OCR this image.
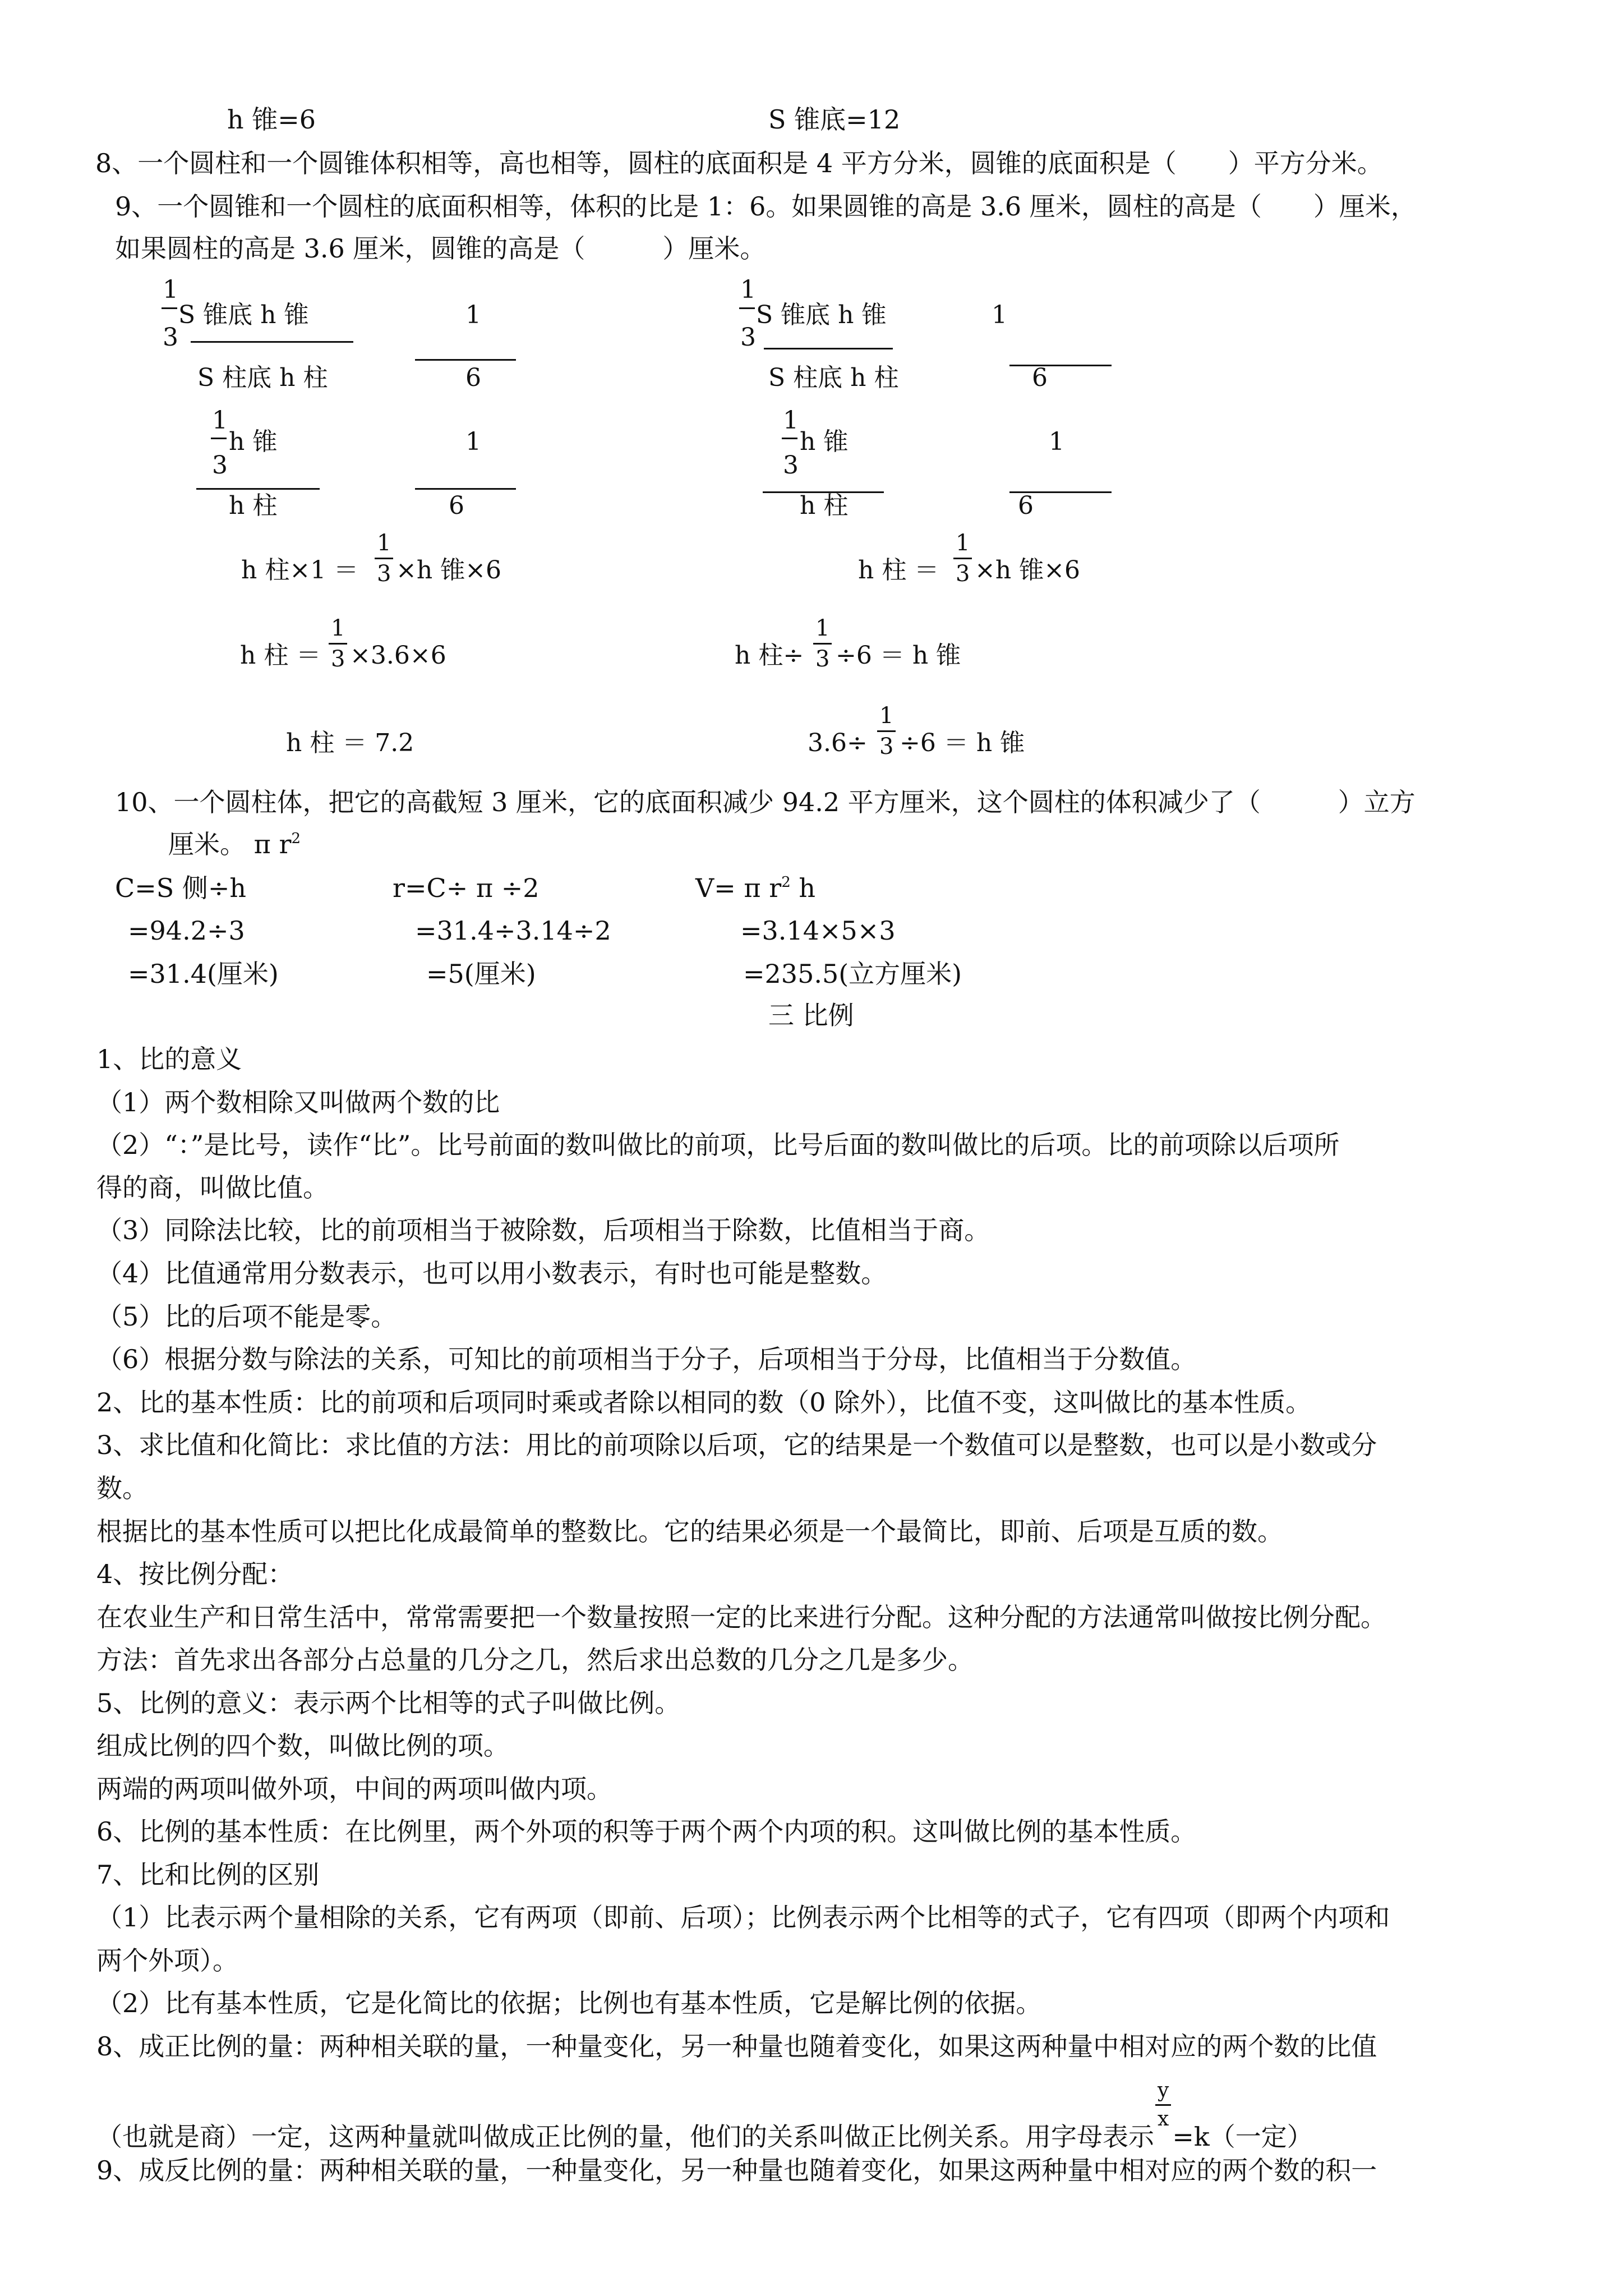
h 锥=6	S 锥底=12
8、一个圆柱和一个圆锥体积相等，高也相等，圆柱的底面积是 4 平方分米，圆锥的底面积是（　　）平方分米。
9、一个圆锥和一个圆柱的底面积相等，体积的比是 1：6。如果圆锥的高是 3.6 厘米，圆柱的高是（　　）厘米，
如果圆柱的高是 3.6 厘米，圆锥的高是（　　　）厘米。
1
3
S 锥底 h 锥
S 柱底 h 柱
1
6
1
3
h 锥
h 柱
1
6
h 柱×1 ＝
1
3 ×h 锥×6
h 柱 ＝
1
3 ×3.6×6
h 柱 ＝ 7.2
1
3
S 锥底 h 锥
S 柱底 h 柱
1
6
1
3
h 锥
h 柱
1
6
h 柱 ＝
1
3 ×h 锥×6
h 柱÷
1
3 ÷6 ＝ h 锥
3.6÷
1
3 ÷6 ＝ h 锥
10、一个圆柱体，把它的高截短 3 厘米，它的底面积减少 94.2 平方厘米，这个圆柱的体积减少了（　　　）立方
厘米。 π $r^2$
C=S 侧÷h
=94.2÷3
=31.4(厘米)
r=C÷ π ÷2
=31.4÷3.14÷2
=5(厘米)
V= π $r^2$ h
=3.14×5×3
=235.5(立方厘米)
三 比例
1、比的意义
（1）两个数相除又叫做两个数的比
（2）“：”是比号，读作“比”。比号前面的数叫做比的前项，比号后面的数叫做比的后项。比的前项除以后项所
得的商，叫做比值。
（3）同除法比较，比的前项相当于被除数，后项相当于除数，比值相当于商。
（4）比值通常用分数表示，也可以用小数表示，有时也可能是整数。
（5）比的后项不能是零。
（6）根据分数与除法的关系，可知比的前项相当于分子，后项相当于分母，比值相当于分数值。
2、比的基本性质：比的前项和后项同时乘或者除以相同的数（0 除外），比值不变，这叫做比的基本性质。
3、求比值和化简比：求比值的方法：用比的前项除以后项，它的结果是一个数值可以是整数，也可以是小数或分
数。
根据比的基本性质可以把比化成最简单的整数比。它的结果必须是一个最简比，即前、后项是互质的数。
4、按比例分配：
在农业生产和日常生活中，常常需要把一个数量按照一定的比来进行分配。这种分配的方法通常叫做按比例分配。
方法：首先求出各部分占总量的几分之几，然后求出总数的几分之几是多少。
5、比例的意义：表示两个比相等的式子叫做比例。
组成比例的四个数，叫做比例的项。
两端的两项叫做外项，中间的两项叫做内项。
6、比例的基本性质：在比例里，两个外项的积等于两个两个内项的积。这叫做比例的基本性质。
7、比和比例的区别
（1）比表示两个量相除的关系，它有两项（即前、后项）；比例表示两个比相等的式子，它有四项（即两个内项和
两个外项）。
（2）比有基本性质，它是化简比的依据；比例也有基本性质，它是解比例的依据。
8、成正比例的量：两种相关联的量，一种量变化，另一种量也随着变化，如果这两种量中相对应的两个数的比值
（也就是商）一定，这两种量就叫做成正比例的量，他们的关系叫做正比例关系。用字母表示
$\frac{y}{x}$
=k（一定）
9、成反比例的量：两种相关联的量，一种量变化，另一种量也随着变化，如果这两种量中相对应的两个数的积一
